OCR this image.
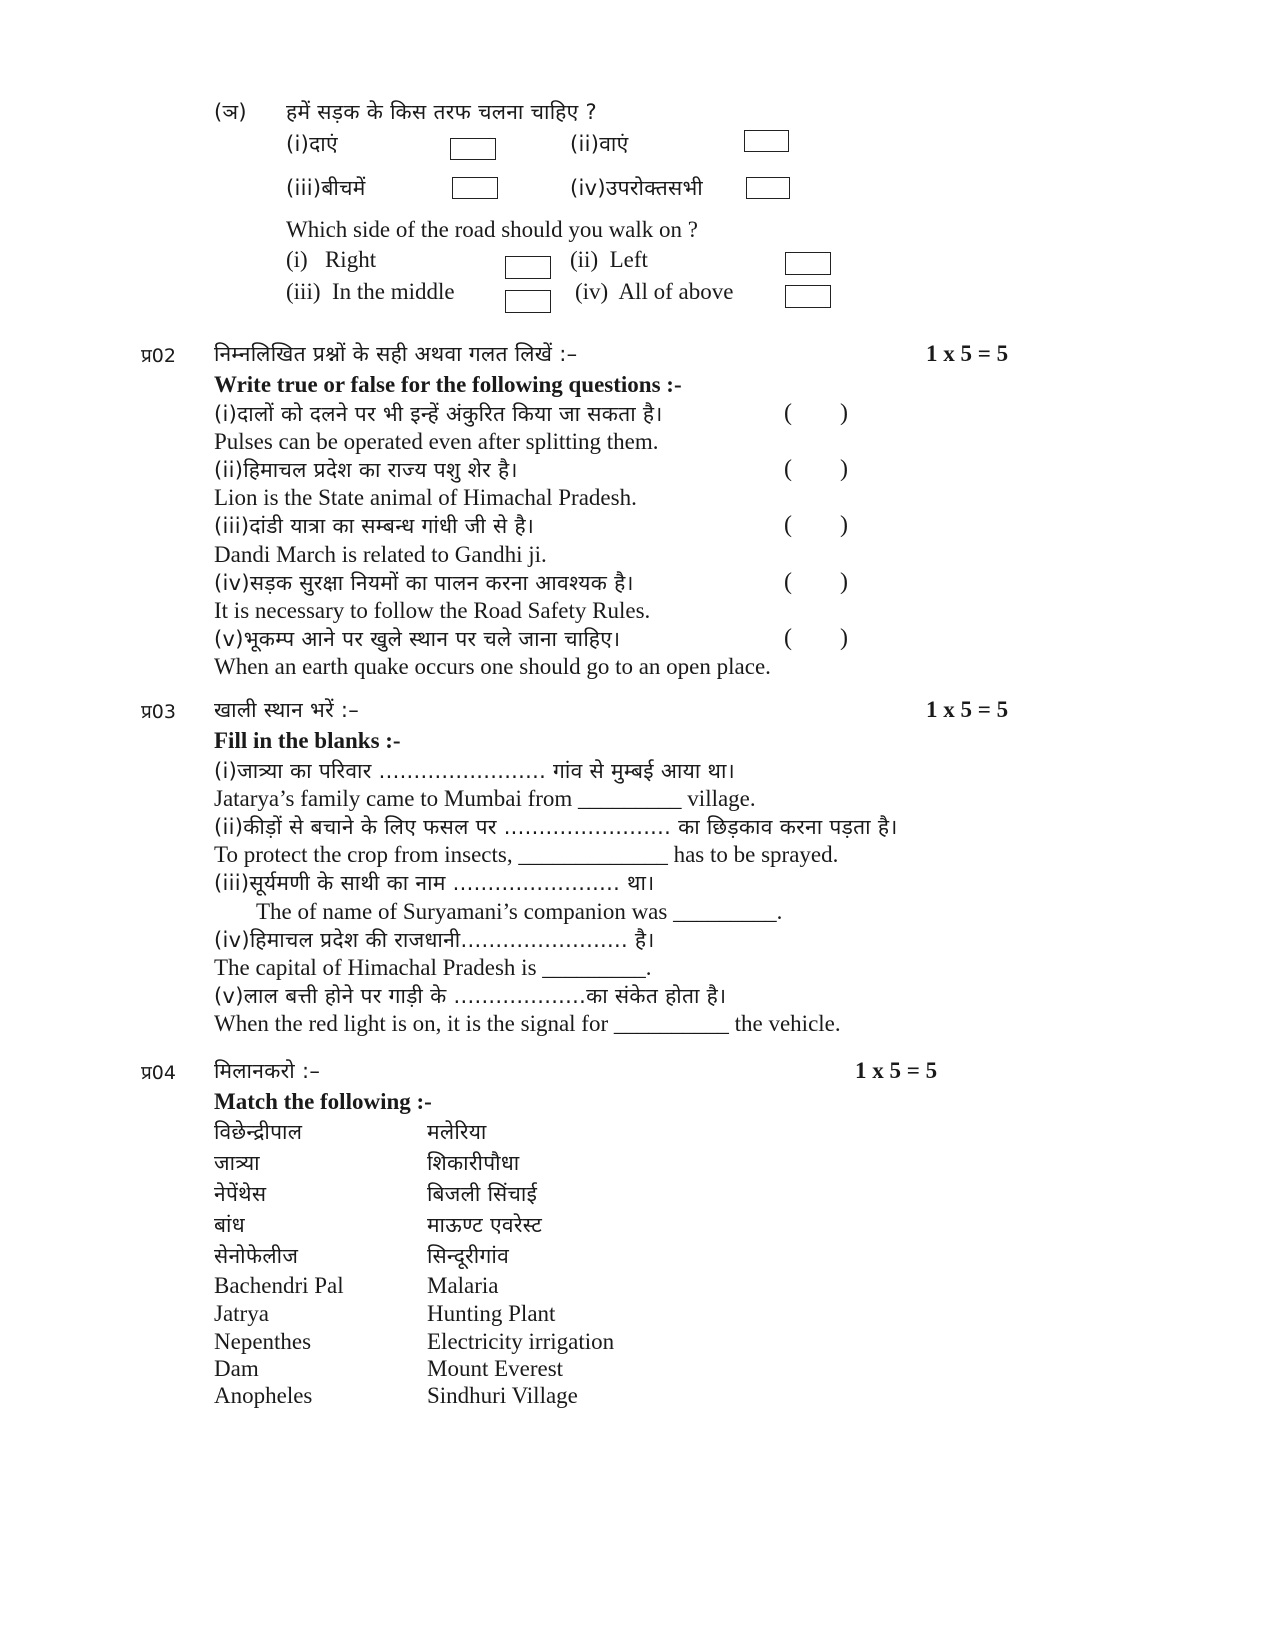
(ञ) हमें सड़क के किस तरफ चलना चाहिए ?
(i)दाएं	(ii)वाएं
(iii)बीचमें	(iv)उपरोक्तसभी
Which side of the road should you walk on ?
(i)   Right	(ii)  Left
(iii)  In the middle	(iv)  All of above
प्र02 निम्नलिखित प्रश्नों के सही अथवा गलत लिखें :–	1 x 5 = 5
Write true or false for the following questions :-
(i)दालों को दलने पर भी इन्हें अंकुरित किया जा सकता है।	( )
Pulses can be operated even after splitting them.
(ii)हिमाचल प्रदेश का राज्य पशु शेर है।	( )
Lion is the State animal of Himachal Pradesh.
(iii)दांडी यात्रा का सम्बन्ध गांधी जी से है।	( )
Dandi March is related to Gandhi ji.
(iv)सड़क सुरक्षा नियमों का पालन करना आवश्यक है।	( )
It is necessary to follow the Road Safety Rules.
(v)भूकम्प आने पर खुले स्थान पर चले जाना चाहिए।	( )
When an earth quake occurs one should go to an open place.
प्र03 खाली स्थान भरें :–	1 x 5 = 5
Fill in the blanks :-
(i)जात्र्या का परिवार ........................ गांव से मुम्बई आया था।
Jatarya’s family came to Mumbai from _________ village.
(ii)कीड़ों से बचाने के लिए फसल पर ........................ का छिड़काव करना पड़ता है।
To protect the crop from insects, _____________ has to be sprayed.
(iii)सूर्यमणी के साथी का नाम ........................ था।
The of name of Suryamani’s companion was _________.
(iv)हिमाचल प्रदेश की राजधानी........................ है।
The capital of Himachal Pradesh is _________.
(v)लाल बत्ती होने पर गाड़ी के ...................का संकेत होता है।
When the red light is on, it is the signal for __________ the vehicle.
प्र04 मिलानकरो :–	1 x 5 = 5
Match the following :-
विछेन्द्रीपाल	मलेरिया
जात्र्या	शिकारीपौधा
नेपेंथेस	बिजली सिंचाई
बांध	माऊण्ट एवरेस्ट
सेनोफेलीज	सिन्दूरीगांव
Bachendri Pal	Malaria
Jatrya	Hunting Plant
Nepenthes	Electricity irrigation
Dam	Mount Everest
Anopheles	Sindhuri Village
